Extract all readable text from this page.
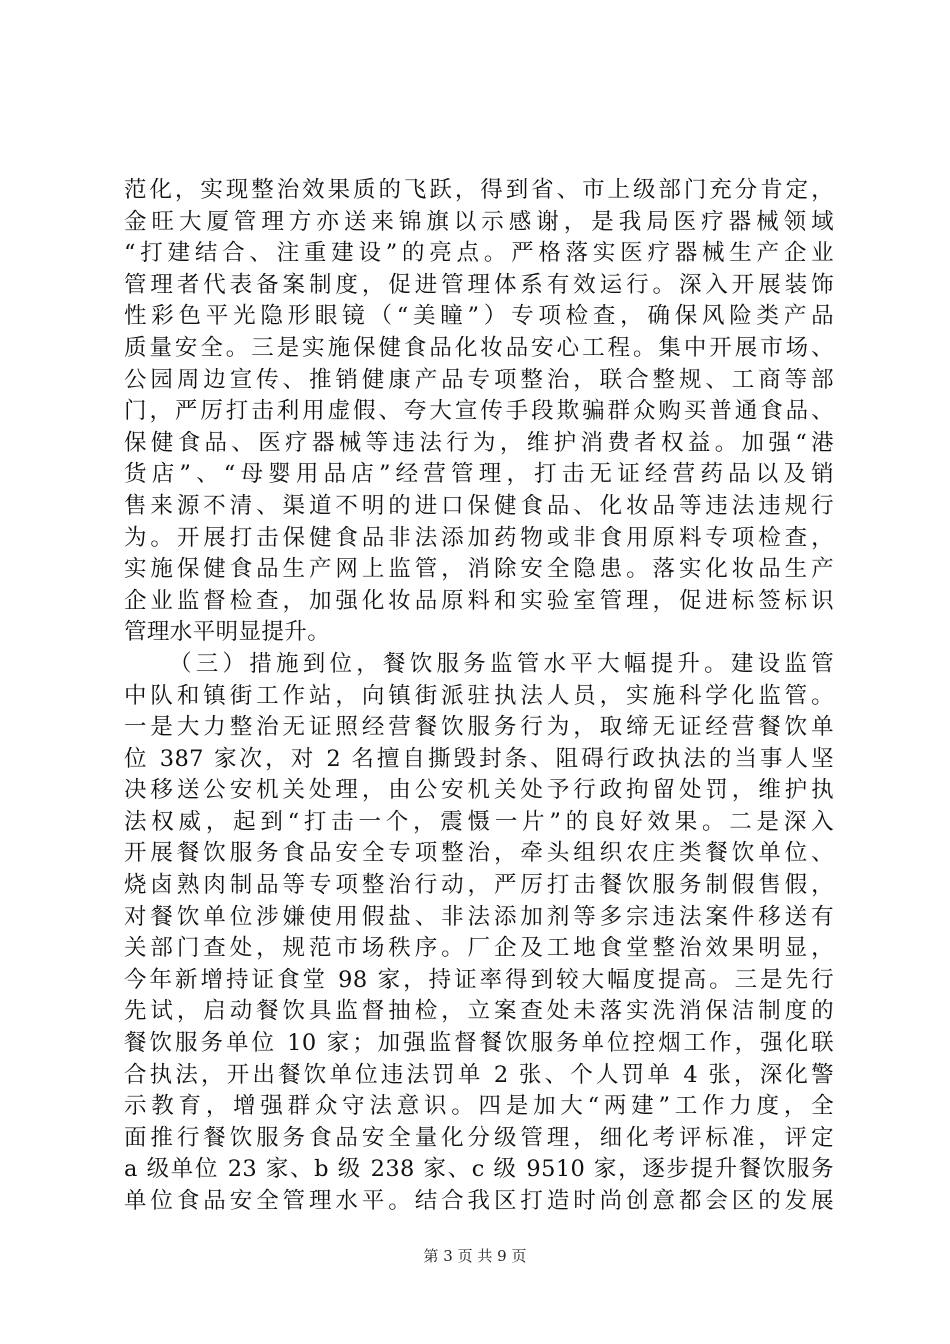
范化，实现整治效果质的飞跃，得到省、市上级部门充分肯定，
金旺大厦管理方亦送来锦旗以示感谢，是我局医疗器械领域
“打建结合、注重建设”的亮点。严格落实医疗器械生产企业
管理者代表备案制度，促进管理体系有效运行。深入开展装饰
性彩色平光隐形眼镜（“美瞳”）专项检查，确保风险类产品
质量安全。三是实施保健食品化妆品安心工程。集中开展市场、
公园周边宣传、推销健康产品专项整治，联合整规、工商等部
门，严厉打击利用虚假、夸大宣传手段欺骗群众购买普通食品、
保健食品、医疗器械等违法行为，维护消费者权益。加强“港
货店”、“母婴用品店”经营管理，打击无证经营药品以及销
售来源不清、渠道不明的进口保健食品、化妆品等违法违规行
为。开展打击保健食品非法添加药物或非食用原料专项检查，
实施保健食品生产网上监管，消除安全隐患。落实化妆品生产
企业监督检查，加强化妆品原料和实验室管理，促进标签标识
管理水平明显提升。
（三）措施到位，餐饮服务监管水平大幅提升。建设监管
中队和镇街工作站，向镇街派驻执法人员，实施科学化监管。
一是大力整治无证照经营餐饮服务行为，取缔无证经营餐饮单
位 387 家次，对 2 名擅自撕毁封条、阻碍行政执法的当事人坚
决移送公安机关处理，由公安机关处予行政拘留处罚，维护执
法权威，起到“打击一个，震慑一片”的良好效果。二是深入
开展餐饮服务食品安全专项整治，牵头组织农庄类餐饮单位、
烧卤熟肉制品等专项整治行动，严厉打击餐饮服务制假售假，
对餐饮单位涉嫌使用假盐、非法添加剂等多宗违法案件移送有
关部门查处，规范市场秩序。厂企及工地食堂整治效果明显，
今年新增持证食堂 98 家，持证率得到较大幅度提高。三是先行
先试，启动餐饮具监督抽检，立案查处未落实洗消保洁制度的
餐饮服务单位 10 家；加强监督餐饮服务单位控烟工作，强化联
合执法，开出餐饮单位违法罚单 2 张、个人罚单 4 张，深化警
示教育，增强群众守法意识。四是加大“两建”工作力度，全
面推行餐饮服务食品安全量化分级管理，细化考评标准，评定
a 级单位 23 家、b 级 238 家、c 级 9510 家，逐步提升餐饮服务
单位食品安全管理水平。结合我区打造时尚创意都会区的发展
第 3 页 共 9 页
